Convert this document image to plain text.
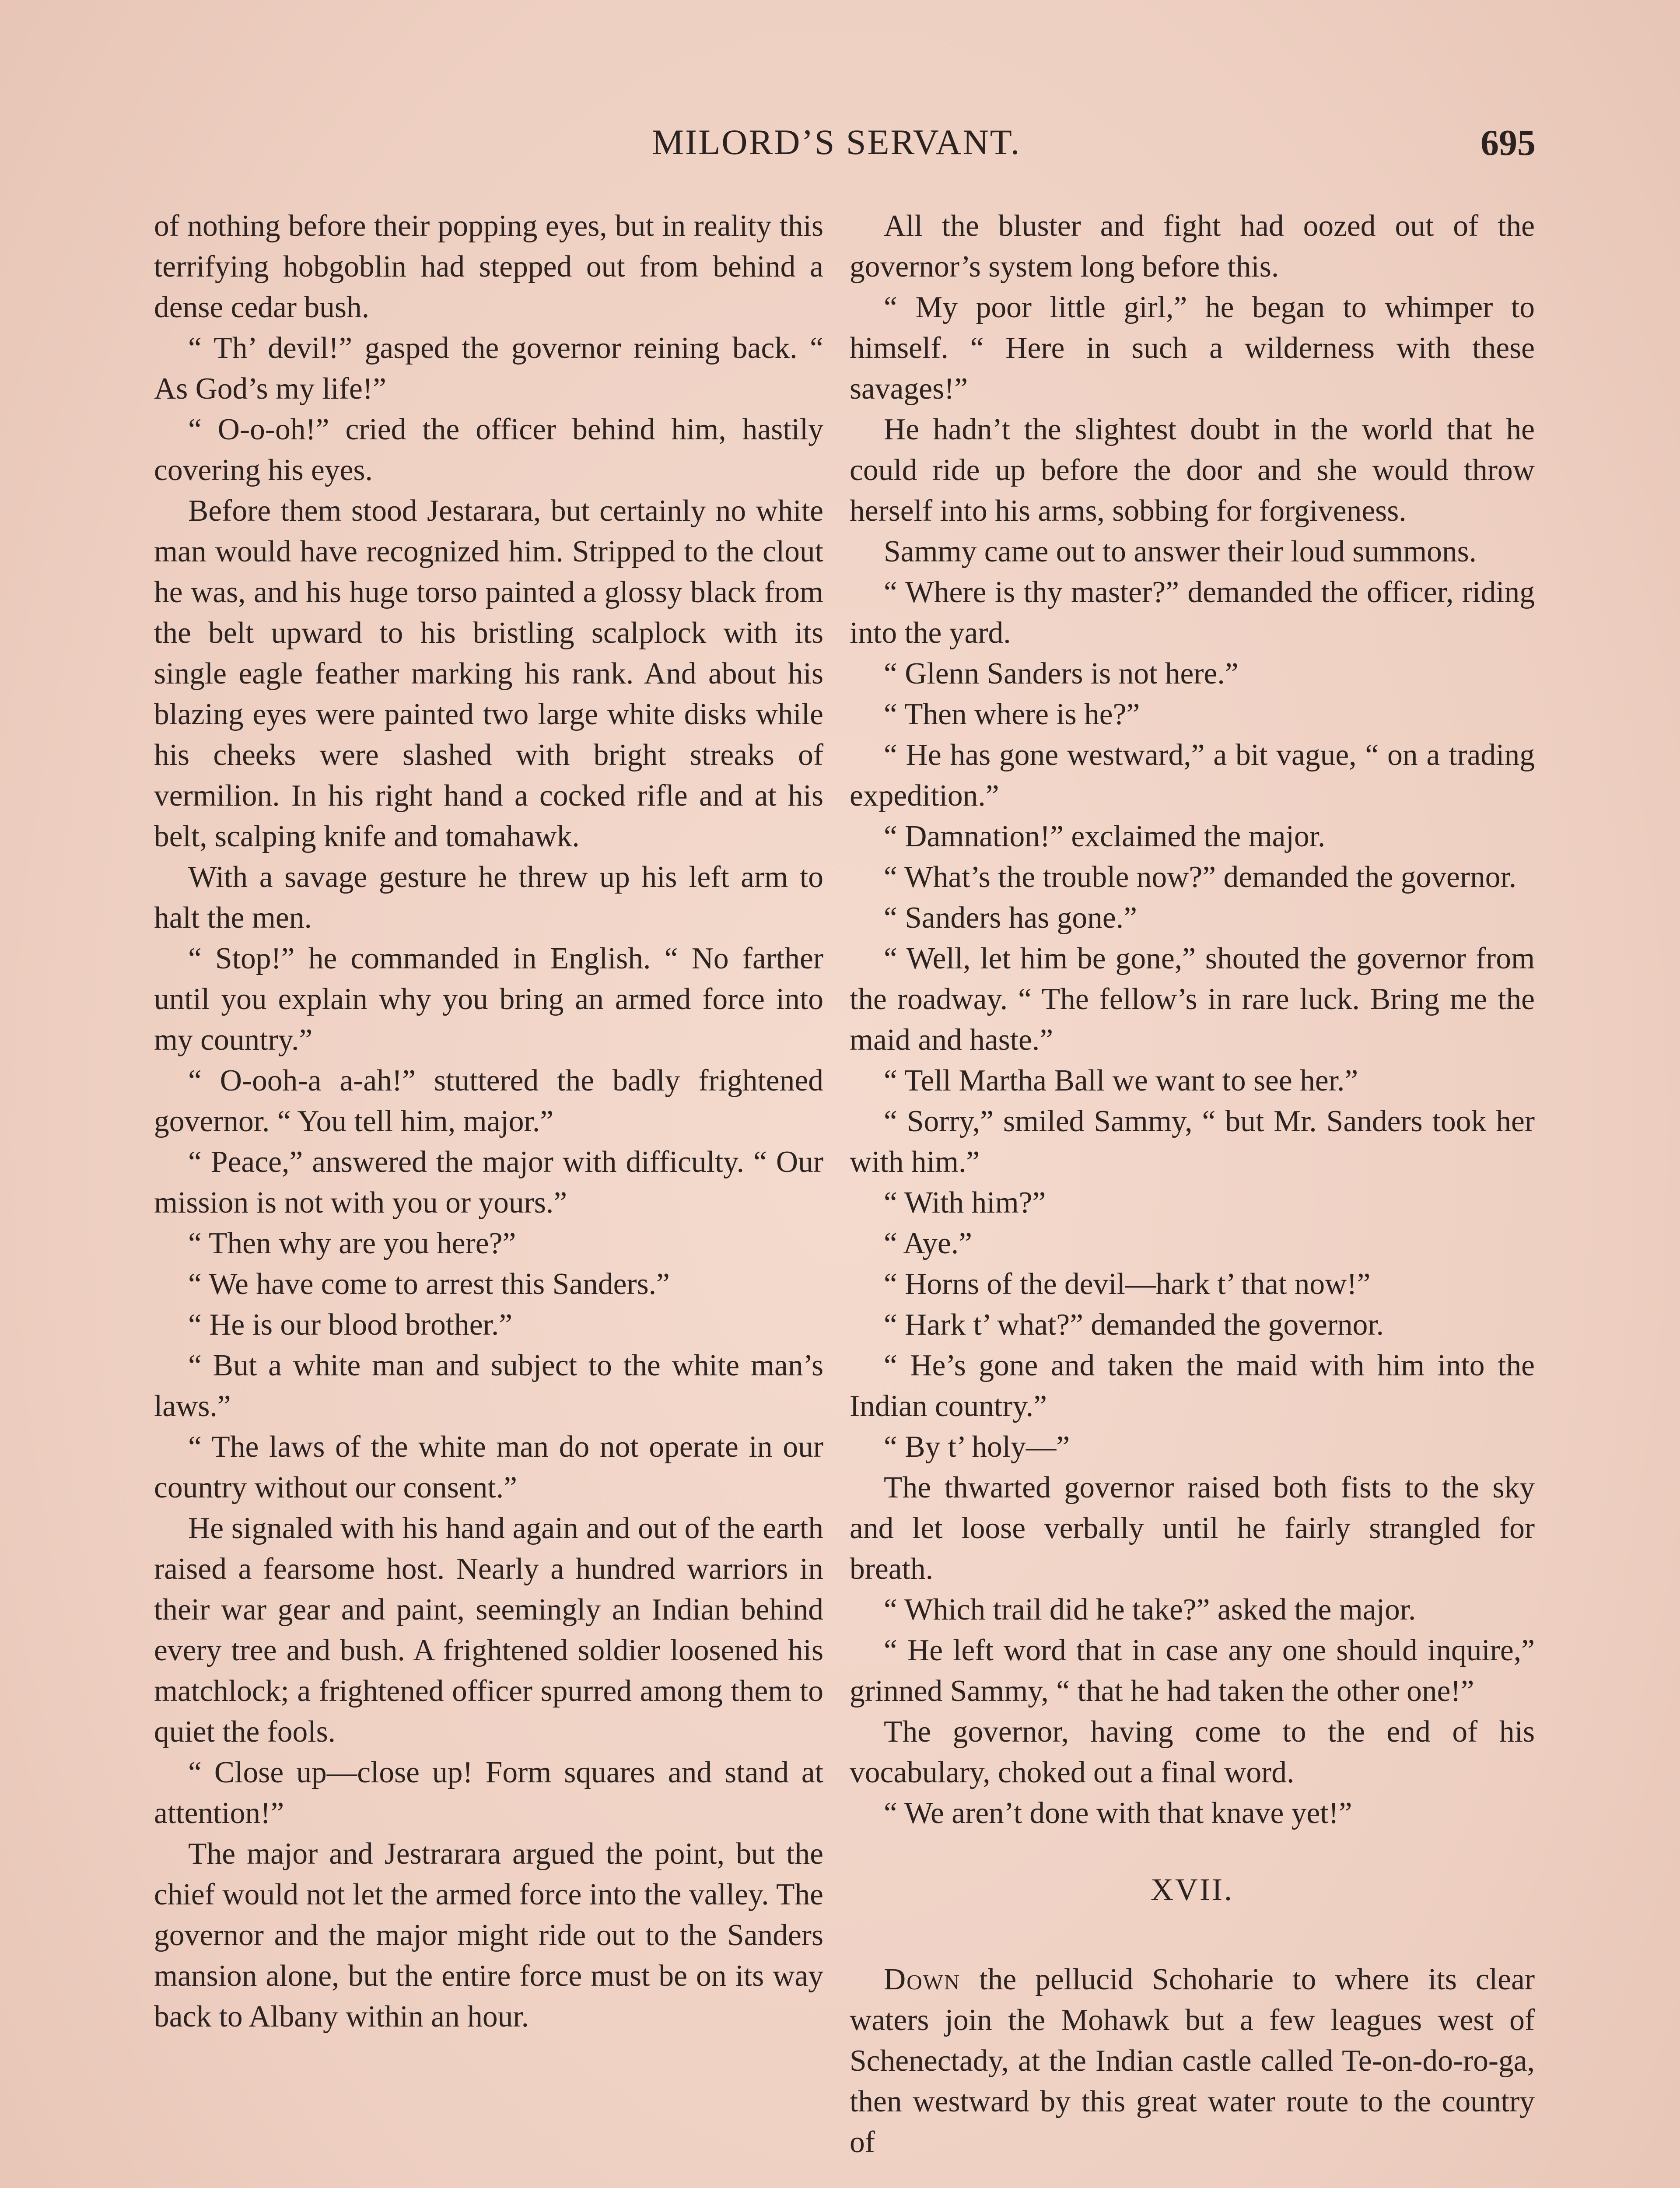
MILORD’S SERVANT.	695

of nothing before their popping eyes, but in reality this terrifying hobgoblin had stepped out from behind a dense cedar bush.

“ Th’ devil!” gasped the governor reining back. “ As God’s my life!”

“ O-o-oh!” cried the officer behind him, hastily covering his eyes.

Before them stood Jestarara, but certainly no white man would have recognized him. Stripped to the clout he was, and his huge torso painted a glossy black from the belt upward to his bristling scalplock with its single eagle feather marking his rank. And about his blazing eyes were painted two large white disks while his cheeks were slashed with bright streaks of vermilion. In his right hand a cocked rifle and at his belt, scalping knife and tomahawk.

With a savage gesture he threw up his left arm to halt the men.

“ Stop!” he commanded in English. “ No farther until you explain why you bring an armed force into my country.”

“ O-ooh-a a-ah!” stuttered the badly frightened governor. “ You tell him, major.”

“ Peace,” answered the major with difficulty. “ Our mission is not with you or yours.”

“ Then why are you here?”

“ We have come to arrest this Sanders.”

“ He is our blood brother.”

“ But a white man and subject to the white man’s laws.”

“ The laws of the white man do not operate in our country without our consent.”

He signaled with his hand again and out of the earth raised a fearsome host. Nearly a hundred warriors in their war gear and paint, seemingly an Indian behind every tree and bush. A frightened soldier loosened his matchlock; a frightened officer spurred among them to quiet the fools.

“ Close up—close up! Form squares and stand at attention!”

The major and Jestrarara argued the point, but the chief would not let the armed force into the valley. The governor and the major might ride out to the Sanders mansion alone, but the entire force must be on its way back to Albany within an hour.

All the bluster and fight had oozed out of the governor’s system long before this.

“ My poor little girl,” he began to whimper to himself. “ Here in such a wilderness with these savages!”

He hadn’t the slightest doubt in the world that he could ride up before the door and she would throw herself into his arms, sobbing for forgiveness.

Sammy came out to answer their loud summons.

“ Where is thy master?” demanded the officer, riding into the yard.

“ Glenn Sanders is not here.”

“ Then where is he?”

“ He has gone westward,” a bit vague, “ on a trading expedition.”

“ Damnation!” exclaimed the major.

“ What’s the trouble now?” demanded the governor.

“ Sanders has gone.”

“ Well, let him be gone,” shouted the governor from the roadway. “ The fellow’s in rare luck. Bring me the maid and haste.”

“ Tell Martha Ball we want to see her.”

“ Sorry,” smiled Sammy, “ but Mr. Sanders took her with him.”

“ With him?”

“ Aye.”

“ Horns of the devil—hark t’ that now!”

“ Hark t’ what?” demanded the governor.

“ He’s gone and taken the maid with him into the Indian country.”

“ By t’ holy—”

The thwarted governor raised both fists to the sky and let loose verbally until he fairly strangled for breath.

“ Which trail did he take?” asked the major.

“ He left word that in case any one should inquire,” grinned Sammy, “ that he had taken the other one!”

The governor, having come to the end of his vocabulary, choked out a final word.

“ We aren’t done with that knave yet!”

XVII.

Down the pellucid Schoharie to where its clear waters join the Mohawk but a few leagues west of Schenectady, at the Indian castle called Te-on-do-ro-ga, then westward by this great water route to the country of
